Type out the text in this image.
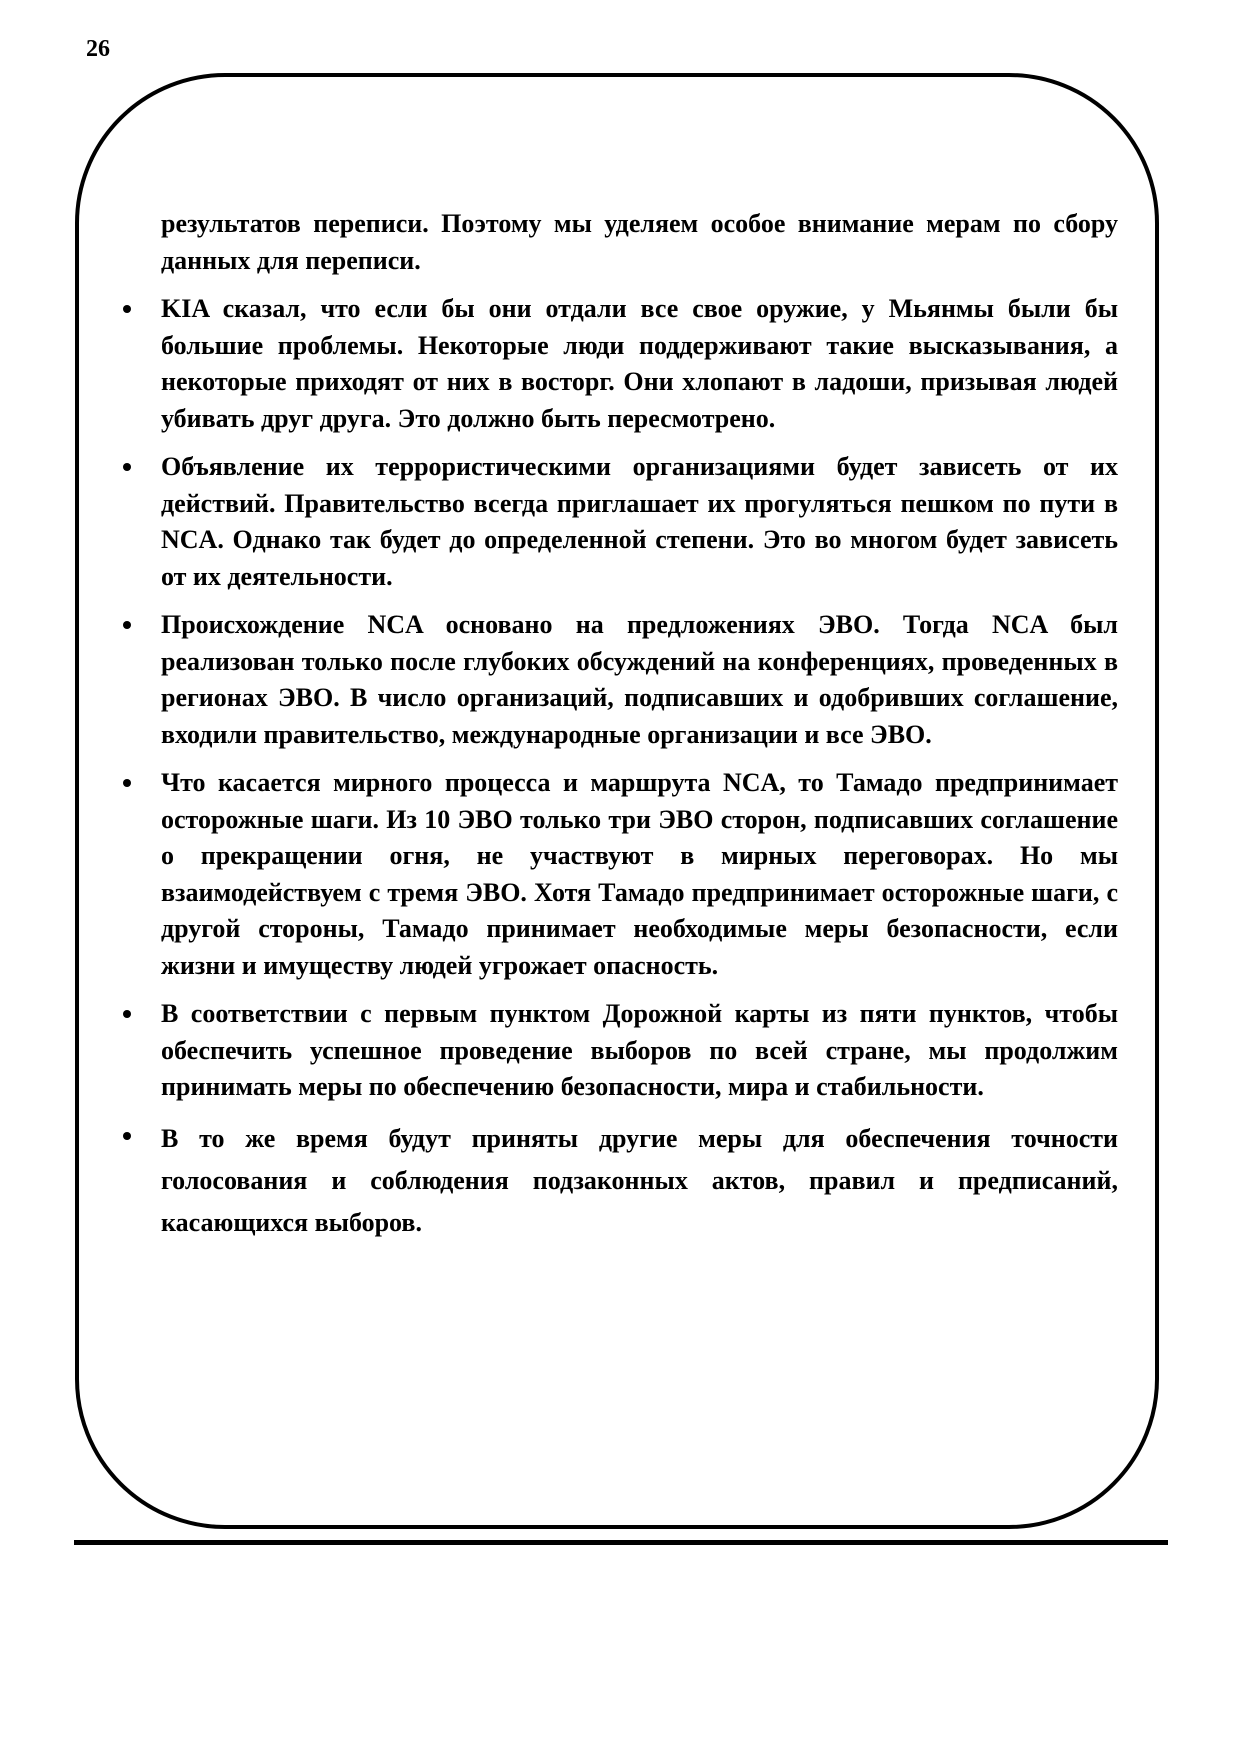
26

результатов переписи. Поэтому мы уделяем особое внимание мерам по сбору данных для переписи.

KIA сказал, что если бы они отдали все свое оружие, у Мьянмы были бы большие проблемы. Некоторые люди поддерживают такие высказывания, а некоторые приходят от них в восторг. Они хлопают в ладоши, призывая людей убивать друг друга. Это должно быть пересмотрено.
Объявление их террористическими организациями будет зависеть от их действий. Правительство всегда приглашает их прогуляться пешком по пути в NCA. Однако так будет до определенной степени. Это во многом будет зависеть от их деятельности.
Происхождение NCA основано на предложениях ЭВО. Тогда NCA был реализован только после глубоких обсуждений на конференциях, проведенных в регионах ЭВО. В число организаций, подписавших и одобривших соглашение, входили правительство, международные организации и все ЭВО.
Что касается мирного процесса и маршрута NCA, то Тамадо предпринимает осторожные шаги. Из 10 ЭВО только три ЭВО сторон, подписавших соглашение о прекращении огня, не участвуют в мирных переговорах. Но мы взаимодействуем с тремя ЭВО. Хотя Тамадо предпринимает осторожные шаги, с другой стороны, Тамадо принимает необходимые меры безопасности, если жизни и имуществу людей угрожает опасность.
В соответствии с первым пунктом Дорожной карты из пяти пунктов, чтобы обеспечить успешное проведение выборов по всей стране, мы продолжим принимать меры по обеспечению безопасности, мира и стабильности.
В то же время будут приняты другие меры для обеспечения точности голосования и соблюдения подзаконных актов, правил и предписаний, касающихся выборов.
